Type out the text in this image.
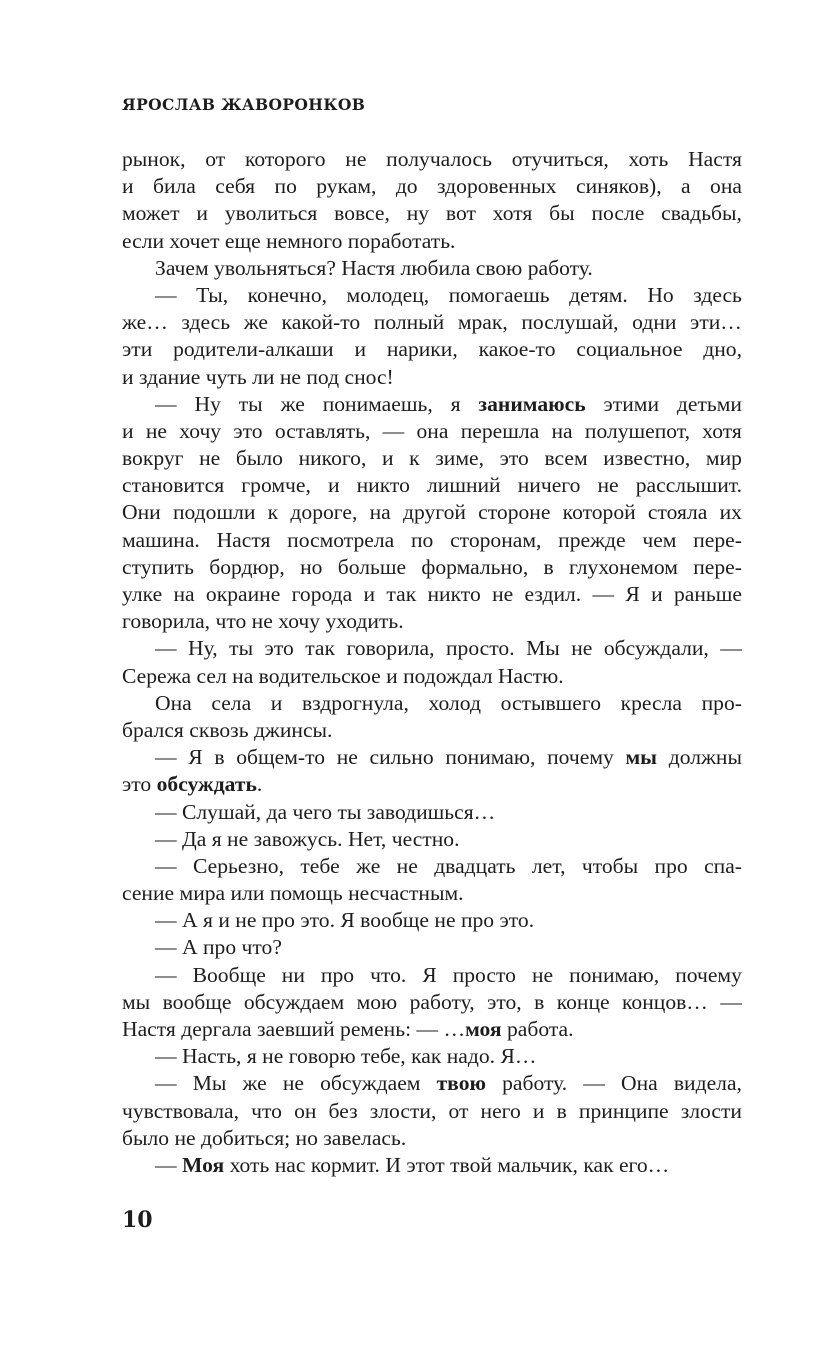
ЯРОСЛАВ ЖАВОРОНКОВ
рынок, от которого не получалось отучиться, хоть Настя
и била себя по рукам, до здоровенных синяков), а она
может и уволиться вовсе, ну вот хотя бы после свадьбы,
если хочет еще немного поработать.
Зачем увольняться? Настя любила свою работу.
— Ты, конечно, молодец, помогаешь детям. Но здесь
же… здесь же какой-то полный мрак, послушай, одни эти…
эти родители-алкаши и нарики, какое-то социальное дно,
и здание чуть ли не под снос!
— Ну ты же понимаешь, я занимаюсь этими детьми
и не хочу это оставлять, — она перешла на полушепот, хотя
вокруг не было никого, и к зиме, это всем известно, мир
становится громче, и никто лишний ничего не расслышит.
Они подошли к дороге, на другой стороне которой стояла их
машина. Настя посмотрела по сторонам, прежде чем пере-
ступить бордюр, но больше формально, в глухонемом пере-
улке на окраине города и так никто не ездил. — Я и раньше
говорила, что не хочу уходить.
— Ну, ты это так говорила, просто. Мы не обсуждали, —
Сережа сел на водительское и подождал Настю.
Она села и вздрогнула, холод остывшего кресла про-
брался сквозь джинсы.
— Я в общем-то не сильно понимаю, почему мы должны
это обсуждать .
— Слушай, да чего ты заводишься…
— Да я не завожусь. Нет, честно.
— Серьезно, тебе же не двадцать лет, чтобы про спа-
сение мира или помощь несчастным.
— А я и не про это. Я вообще не про это.
— А про что?
— Вообще ни про что. Я просто не понимаю, почему
мы вообще обсуждаем мою работу, это, в конце концов… —
Настя дергала заевший ремень: — … моя работа.
— Насть, я не говорю тебе, как надо. Я…
— Мы же не обсуждаем твою работу. — Она видела,
чувствовала, что он без злости, от него и в принципе злости
было не добиться; но завелась.
— Моя хоть нас кормит. И этот твой мальчик, как его…
10
